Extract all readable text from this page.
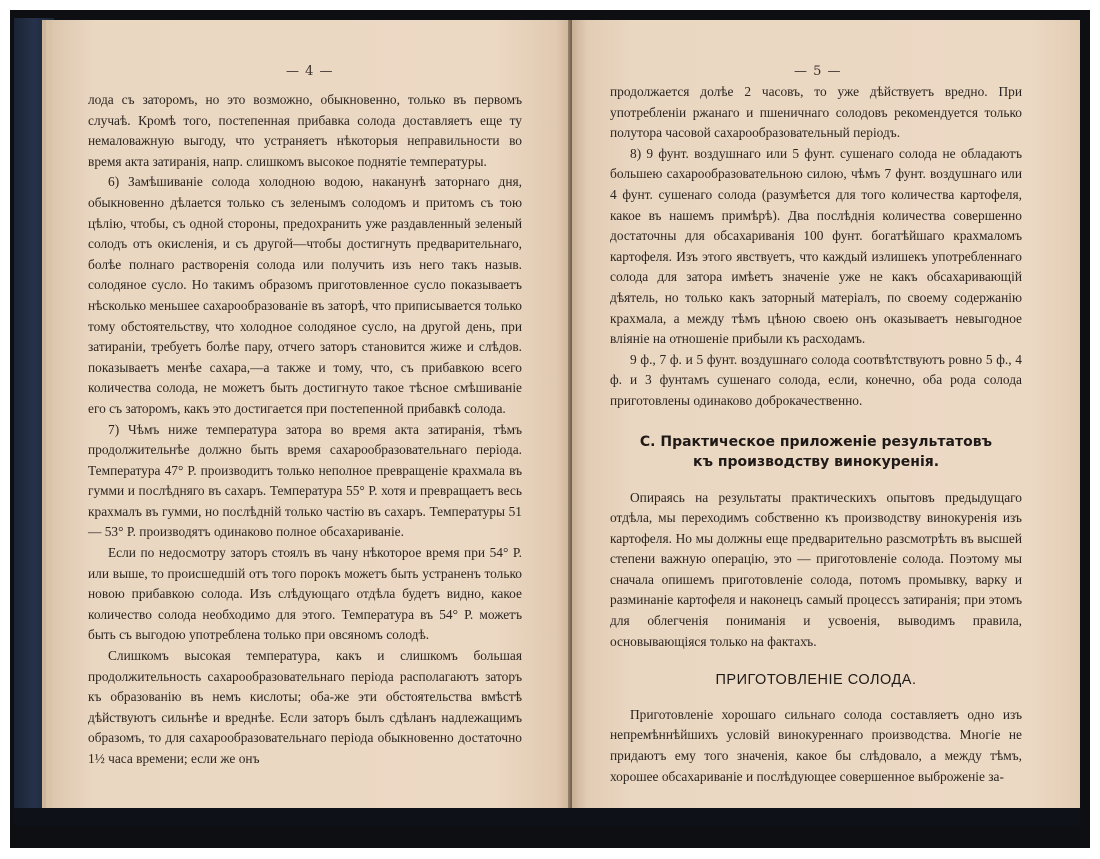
— 4 —

лода съ заторомъ, но это возможно, обыкновенно, только въ первомъ случаѣ. Кромѣ того, постепенная прибавка солода доставляетъ еще ту немаловажную выгоду, что устраняетъ нѣкоторыя неправильности во время акта затиранія, напр. слишкомъ высокое поднятіе температуры.

6) Замѣшиваніе солода холодною водою, наканунѣ заторнаго дня, обыкновенно дѣлается только съ зеленымъ солодомъ и притомъ съ тою цѣлію, чтобы, съ одной стороны, предохранить уже раздавленный зеленый солодъ отъ окисленія, и съ другой—чтобы достигнуть предварительнаго, болѣе полнаго растворенія солода или получить изъ него такъ назыв. солодяное сусло. Но такимъ образомъ приготовленное сусло показываетъ нѣсколько меньшее сахарообразованіе въ заторѣ, что приписывается только тому обстоятельству, что холодное солодяное сусло, на другой день, при затираніи, требуетъ болѣе пару, отчего заторъ становится жиже и слѣдов. показываетъ менѣе сахара,—а также и тому, что, съ прибавкою всего количества солода, не можетъ быть достигнуто такое тѣсное смѣшиваніе его съ заторомъ, какъ это достигается при постепенной прибавкѣ солода.

7) Чѣмъ ниже температура затора во время акта затиранія, тѣмъ продолжительнѣе должно быть время сахарообразовательнаго періода. Температура 47° Р. производитъ только неполное превращеніе крахмала въ гумми и послѣдняго въ сахаръ. Температура 55° Р. хотя и превращаетъ весь крахмалъ въ гумми, но послѣдній только частію въ сахаръ. Температуры 51 — 53° Р. производятъ одинаково полное обсахариваніе.

Если по недосмотру заторъ стоялъ въ чану нѣкоторое время при 54° Р. или выше, то происшедшій отъ того порокъ можетъ быть устраненъ только новою прибавкою солода. Изъ слѣдующаго отдѣла будетъ видно, какое количество солода необходимо для этого. Температура въ 54° Р. можетъ быть съ выгодою употреблена только при овсяномъ солодѣ.

Слишкомъ высокая температура, какъ и слишкомъ большая продолжительность сахарообразовательнаго періода располагаютъ заторъ къ образованію въ немъ кислоты; оба-же эти обстоятельства вмѣстѣ дѣйствуютъ сильнѣе и вреднѣе. Если заторъ былъ сдѣланъ надлежащимъ образомъ, то для сахарообразовательнаго періода обыкновенно достаточно 1½ часа времени; если же онъ

— 5 —

продолжается долѣе 2 часовъ, то уже дѣйствуетъ вредно. При употребленіи ржанаго и пшеничнаго солодовъ рекомендуется только полутора часовой сахарообразовательный періодъ.

8) 9 фунт. воздушнаго или 5 фунт. сушенаго солода не обладаютъ большею сахарообразовательною силою, чѣмъ 7 фунт. воздушнаго или 4 фунт. сушенаго солода (разумѣется для того количества картофеля, какое въ нашемъ примѣрѣ). Два послѣднія количества совершенно достаточны для обсахариванія 100 фунт. богатѣйшаго крахмаломъ картофеля. Изъ этого явствуетъ, что каждый излишекъ употребленнаго солода для затора имѣетъ значеніе уже не какъ обсахаривающій дѣятель, но только какъ заторный матеріалъ, по своему содержанію крахмала, а между тѣмъ цѣною своею онъ оказываетъ невыгодное вліяніе на отношеніе прибыли къ расходамъ.

9 ф., 7 ф. и 5 фунт. воздушнаго солода соотвѣтствуютъ ровно 5 ф., 4 ф. и 3 фунтамъ сушенаго солода, если, конечно, оба рода солода приготовлены одинаково доброкачественно.

C. Практическое приложеніе результатовъ
къ производству винокуренія.

Опираясь на результаты практическихъ опытовъ предыдущаго отдѣла, мы переходимъ собственно къ производству винокуренія изъ картофеля. Но мы должны еще предварительно разсмотрѣть въ высшей степени важную операцію, это — приготовленіе солода. Поэтому мы сначала опишемъ приготовленіе солода, потомъ промывку, варку и разминаніе картофеля и наконецъ самый процессъ затиранія; при этомъ для облегченія пониманія и усвоенія, выводимъ правила, основывающіяся только на фактахъ.

ПРИГОТОВЛЕНІЕ СОЛОДА.

Приготовленіе хорошаго сильнаго солода составляетъ одно изъ непремѣннѣйшихъ условій винокуреннаго производства. Многіе не придаютъ ему того значенія, какое бы слѣдовало, а между тѣмъ, хорошее обсахариваніе и послѣдующее совершенное выброженіе за-
